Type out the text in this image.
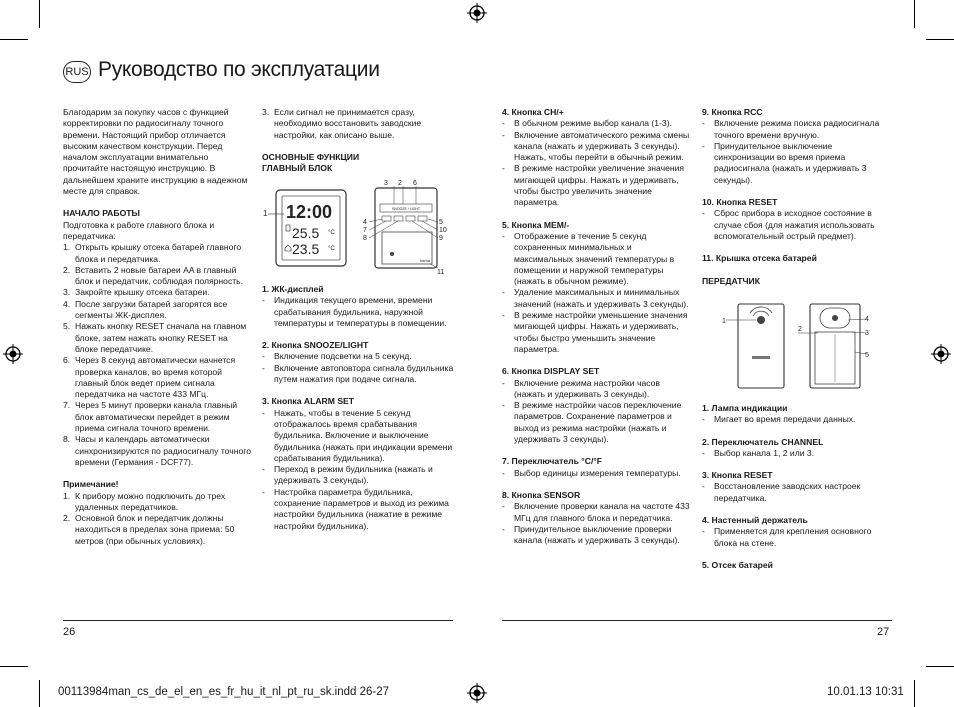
RUS Руководство по эксплуатации

Благодарим за покупку часов с функцией корректировки по радиосигналу точного времени. Настоящий прибор отличается высоким качеством конструкции. Перед началом эксплуатации внимательно прочитайте настоящую инструкцию. В дальнейшем храните инструкцию в надежном месте для справок.

НАЧАЛО РАБОТЫ

Подготовка к работе главного блока и передатчика:

1. Открыть крышку отсека батарей главного блока и передатчика.
2. Вставить 2 новые батареи AA в главный блок и передатчик, соблюдая полярность.
3. Закройте крышку отсека батареи.
4. После загрузки батарей загорятся все сегменты ЖК-дисплея.
5. Нажать кнопку RESET сначала на главном блоке, затем нажать кнопку RESET на блоке передатчике.
6. Через 8 секунд автоматически начнется проверка каналов, во время которой главный блок ведет прием сигнала передатчика на частоте 433 МГц.
7. Через 5 минут проверки канала главный блок автоматически перейдет в режим приема сигнала точного времени.
8. Часы и календарь автоматически синхронизируются по радиосигналу точного времени (Германия - DCF77).

Примечание!

1. К прибору можно подключить до трех удаленных передатчиков.
2. Основной блок и передатчик должны находиться в пределах зона приема: 50 метров (при обычных условиях).
3. Если сигнал не принимается сразу, необходимо восстановить заводские настройки, как описано выше.

ОСНОВНЫЕ ФУНКЦИИ

ГЛАВНЫЙ БЛОК

12:00
25.5 °C
23.5 °C
1	SNOOZE / LIGHT
hama
3 2 6
4
7
8
5
10
9
11

1. ЖК-дисплей

-	Индикация текущего времени, времени срабатывания будильника, наружной температуры и температуры в помещении.

2. Кнопка SNOOZE/LIGHT

-	Включение подсветки на 5 секунд.
-	Включение автоповтора сигнала будильника путем нажатия при подаче сигнала.

3. Кнопка ALARM SET

-	Нажать, чтобы в течение 5 секунд отображалось время срабатывания будильника. Включение и выключение будильника (нажать при индикации времени срабатывания будильника).
-	Переход в режим будильника (нажать и удерживать 3 секунды).
-	Настройка параметра будильника, сохранение параметров и выход из режима настройки будильника (нажатие в режиме настройки будильника).

4. Кнопка CH/+

-	В обычном режиме выбор канала (1-3).
-	Включение автоматического режима смены канала (нажать и удерживать 3 секунды). Нажать, чтобы перейти в обычный режим.
-	В режиме настройки увеличение значения мигающей цифры. Нажать и удерживать, чтобы быстро увеличить значение параметра.

5. Кнопка MEM/-

-	Отображение в течение 5 секунд сохраненных минимальных и максимальных значений температуры в помещении и наружной температуры (нажать в обычном режиме).
-	Удаление максимальных и минимальных значений (нажать и удерживать 3 секунды).
-	В режиме настройки уменьшение значения мигающей цифры. Нажать и удерживать, чтобы быстро уменьшить значение параметра.

6. Кнопка DISPLAY SET

-	Включение режима настройки часов (нажать и удерживать 3 секунды).
-	В режиме настройки часов переключение параметров. Сохранение параметров и выход из режима настройки (нажать и удерживать 3 секунды).

7. Переключатель °C/°F

-	Выбор единицы измерения температуры.

8. Кнопка SENSOR

-	Включение проверки канала на частоте 433 МГц для главного блока и передатчика.
-	Принудительное выключение проверки канала (нажать и удерживать 3 секунды).

9. Кнопка RCC

-	Включение режима поиска радиосигнала точного времени вручную.
-	Принудительное выключение синхронизации во время приема радиосигнала (нажать и удерживать 3 секунды).

10. Кнопка RESET

-	Сброс прибора в исходное состояние в случае сбоя (для нажатия использовать вспомогательный острый предмет).

11. Крышка отсека батарей

ПЕРЕДАТЧИК

1
2
3
4
5

1. Лампа индикации

-	Мигает во время передачи данных.

2. Переключатель CHANNEL

-	Выбор канала 1, 2 или 3.

3. Кнопка RESET

-	Восстановление заводских настроек передатчика.

4. Настенный держатель

-	Применяется для крепления основного блока на стене.

5. Отсек батарей

26	27
00113984man_cs_de_el_en_es_fr_hu_it_nl_pt_ru_sk.indd 26-27	10.01.13 10:31
